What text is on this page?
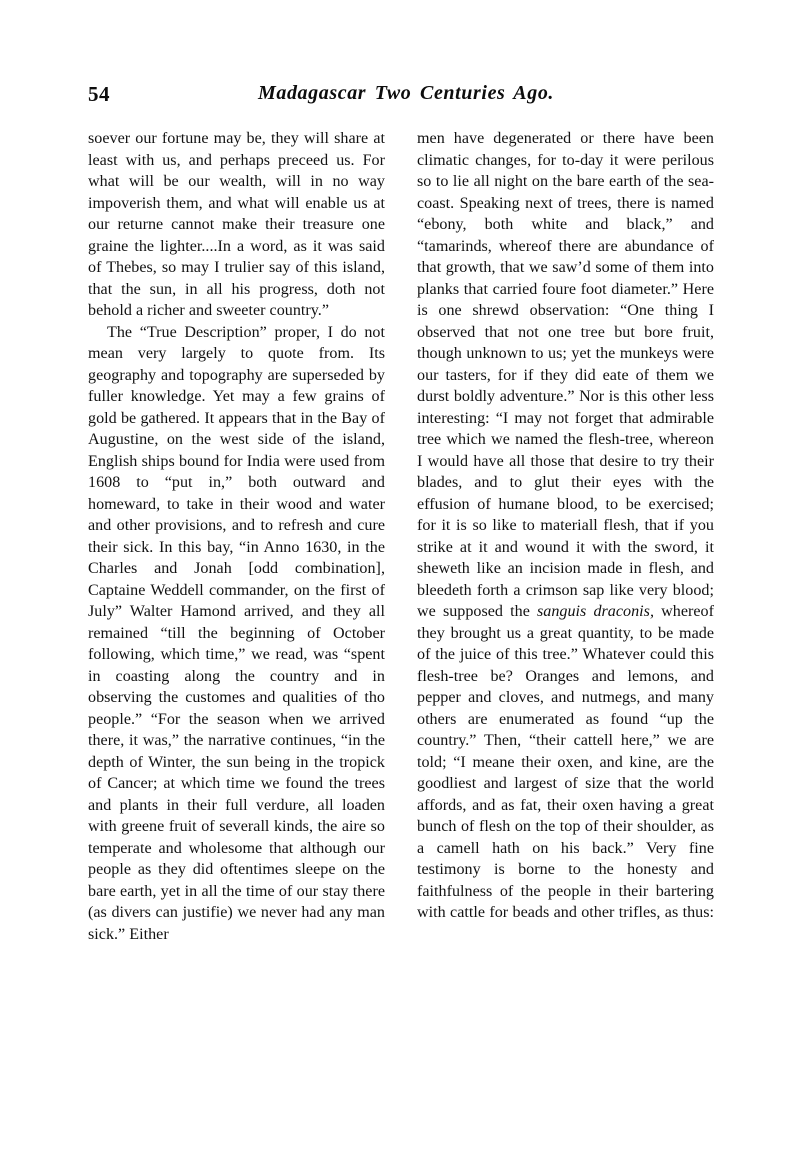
54	Madagascar Two Centuries Ago.

soever our fortune may be, they will share at least with us, and perhaps preceed us. For what will be our wealth, will in no way impoverish them, and what will enable us at our returne cannot make their treasure one graine the lighter....In a word, as it was said of Thebes, so may I trulier say of this island, that the sun, in all his progress, doth not behold a richer and sweeter country.”

The “True Description” proper, I do not mean very largely to quote from. Its geography and topography are superseded by fuller knowledge. Yet may a few grains of gold be gathered. It appears that in the Bay of Augustine, on the west side of the island, English ships bound for India were used from 1608 to “put in,” both outward and homeward, to take in their wood and water and other provisions, and to refresh and cure their sick. In this bay, “in Anno 1630, in the Charles and Jonah [odd combination], Captaine Weddell commander, on the first of July” Walter Hamond arrived, and they all remained “till the beginning of October following, which time,” we read, was “spent in coasting along the country and in observing the customes and qualities of tho people.” “For the season when we arrived there, it was,” the narrative continues, “in the depth of Winter, the sun being in the tropick of Cancer; at which time we found the trees and plants in their full verdure, all loaden with greene fruit of severall kinds, the aire so temperate and wholesome that although our people as they did oftentimes sleepe on the bare earth, yet in all the time of our stay there (as divers can justifie) we never had any man sick.” Either

men have degenerated or there have been climatic changes, for to-day it were perilous so to lie all night on the bare earth of the sea-coast. Speaking next of trees, there is named “ebony, both white and black,” and “tamarinds, whereof there are abundance of that growth, that we saw’d some of them into planks that carried foure foot diameter.” Here is one shrewd observation: “One thing I observed that not one tree but bore fruit, though unknown to us; yet the munkeys were our tasters, for if they did eate of them we durst boldly adventure.” Nor is this other less interesting: “I may not forget that admirable tree which we named the flesh-tree, whereon I would have all those that desire to try their blades, and to glut their eyes with the effusion of humane blood, to be exercised; for it is so like to materiall flesh, that if you strike at it and wound it with the sword, it sheweth like an incision made in flesh, and bleedeth forth a crimson sap like very blood; we supposed the sanguis draconis, whereof they brought us a great quantity, to be made of the juice of this tree.” Whatever could this flesh-tree be? Oranges and lemons, and pepper and cloves, and nutmegs, and many others are enumerated as found “up the country.” Then, “their cattell here,” we are told; “I meane their oxen, and kine, are the goodliest and largest of size that the world affords, and as fat, their oxen having a great bunch of flesh on the top of their shoulder, as a camell hath on his back.” Very fine testimony is borne to the honesty and faithfulness of the people in their bartering with cattle for beads and other trifles, as thus:
